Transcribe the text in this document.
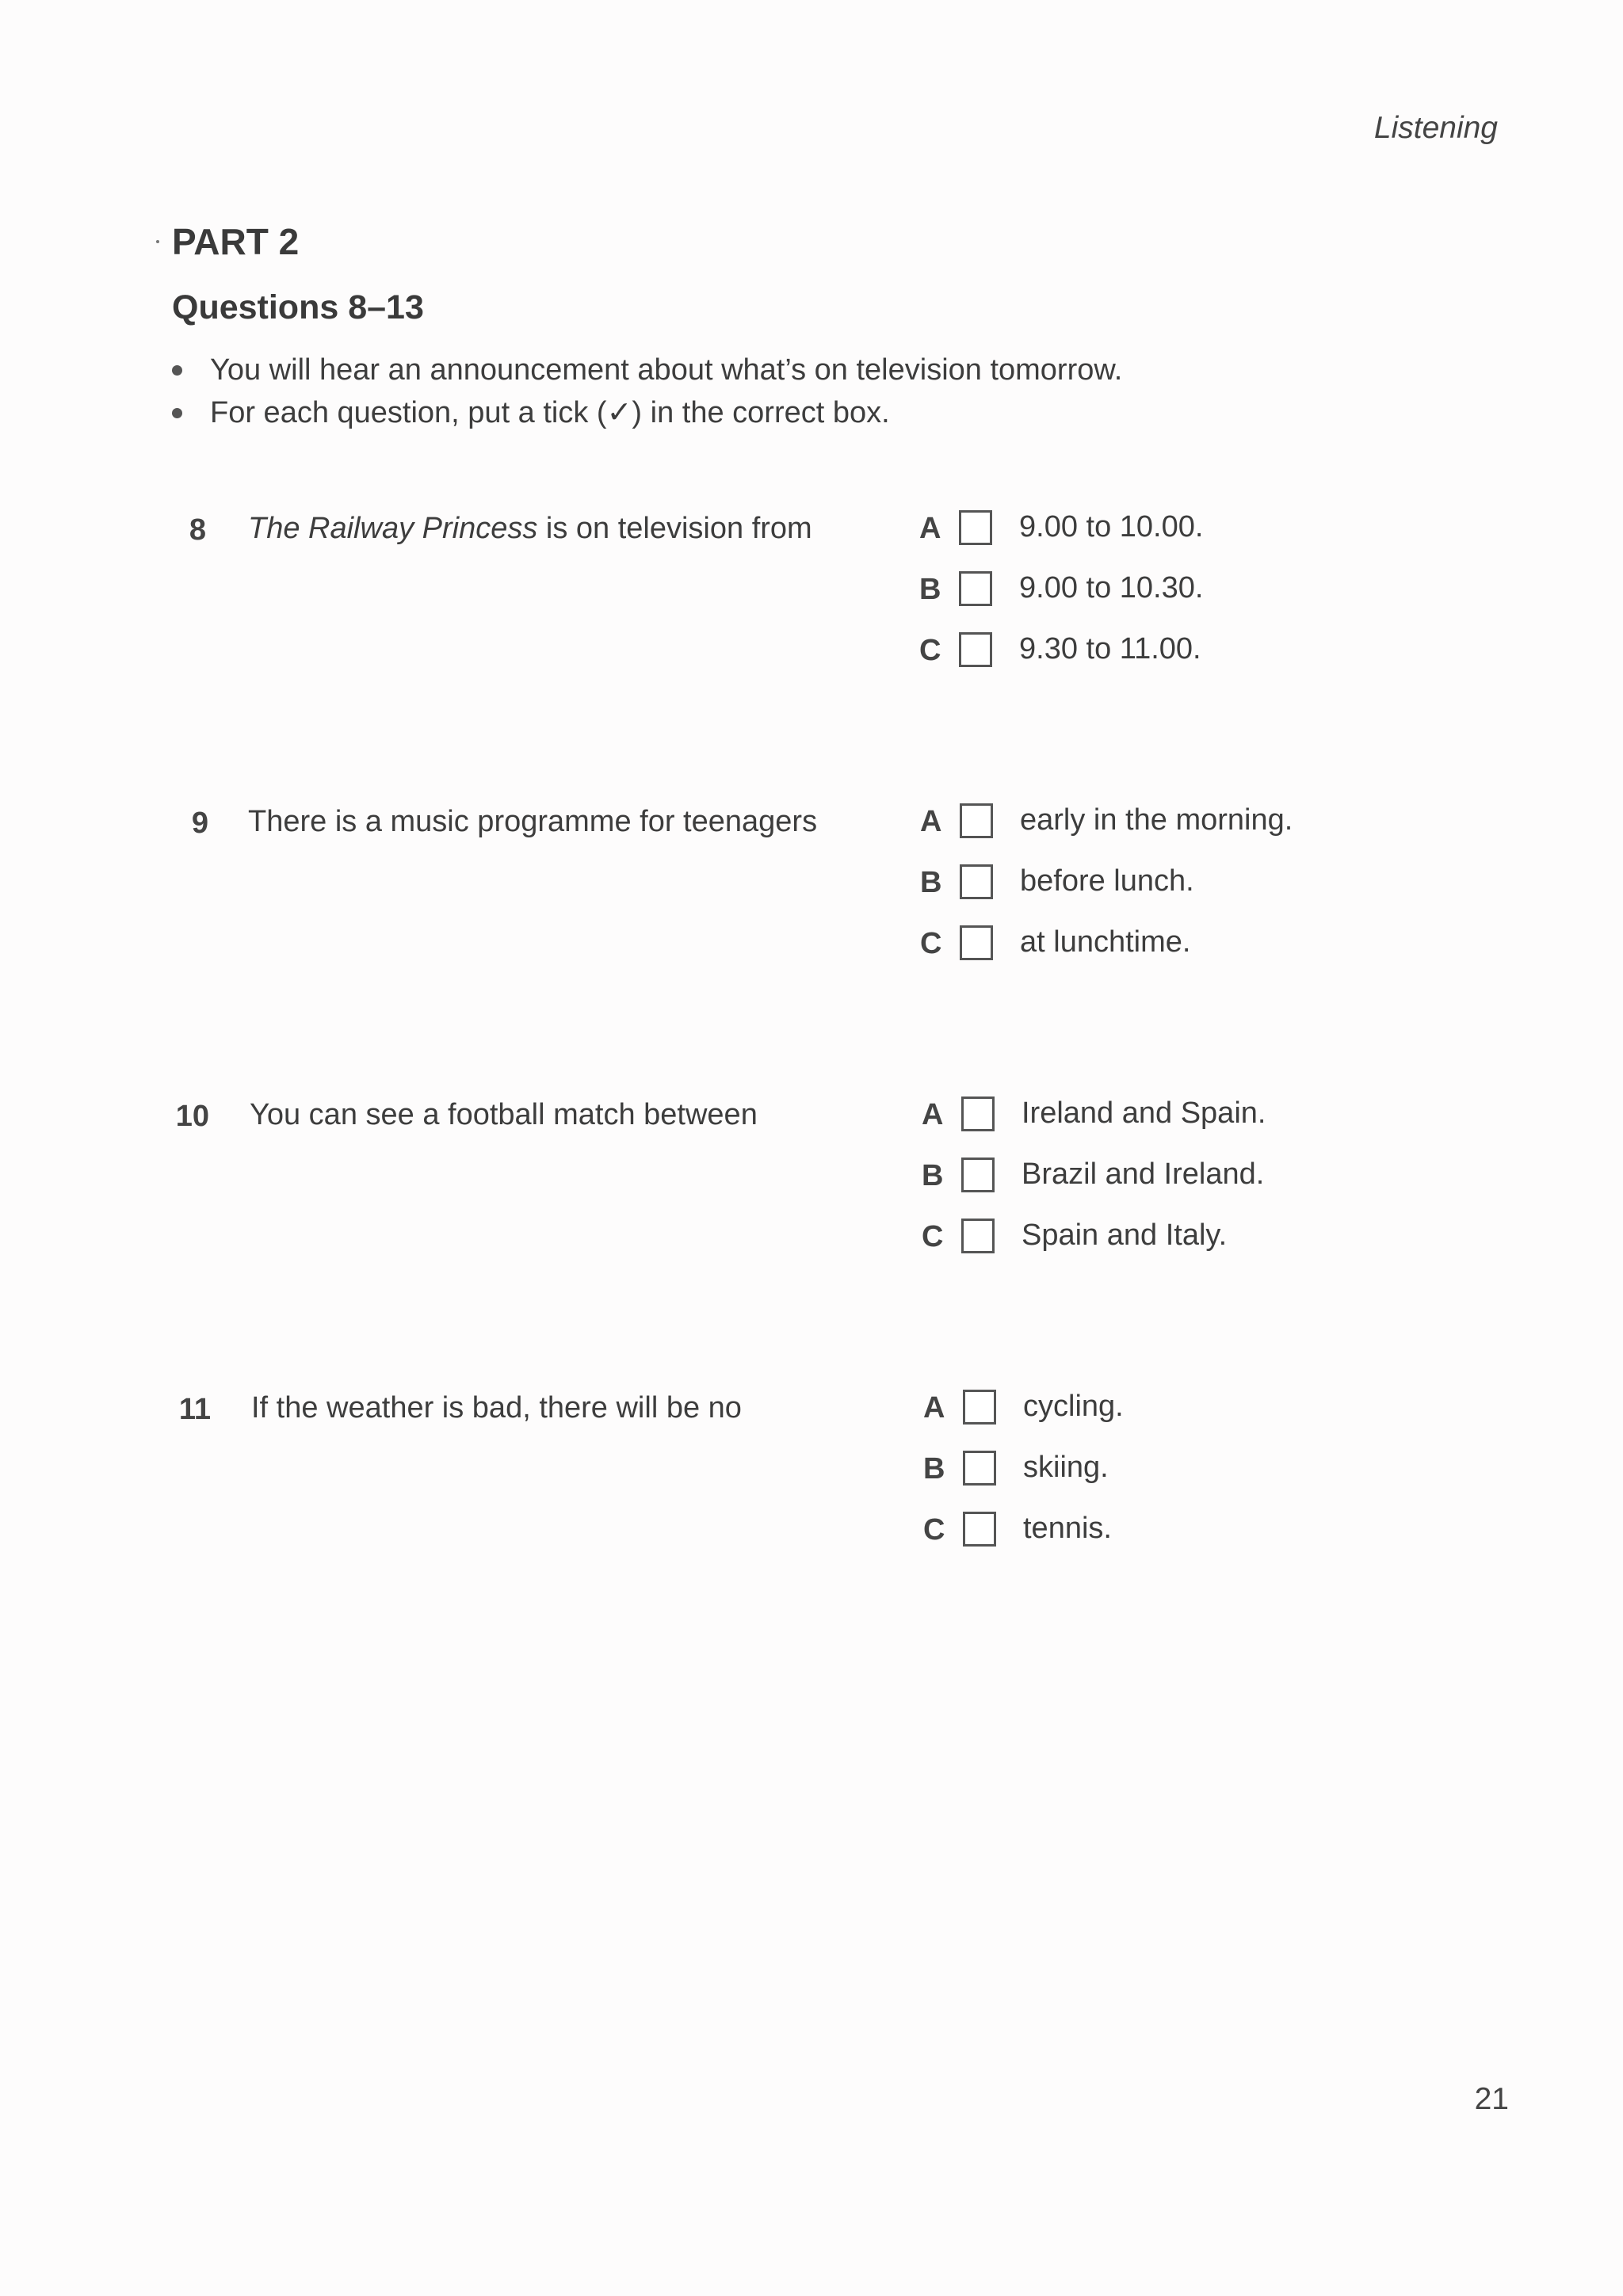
Listening
PART 2
Questions 8–13
You will hear an announcement about what’s on television tomorrow.
For each question, put a tick (✓) in the correct box.
8 The Railway Princess is on television from	A	9.00 to 10.00.
B	9.00 to 10.30.
C	9.30 to 11.00.
9 There is a music programme for teenagers	A	early in the morning.
B	before lunch.
C	at lunchtime.
10 You can see a football match between	A	Ireland and Spain.
B	Brazil and Ireland.
C	Spain and Italy.
11 If the weather is bad, there will be no	A	cycling.
B	skiing.
C	tennis.
21
